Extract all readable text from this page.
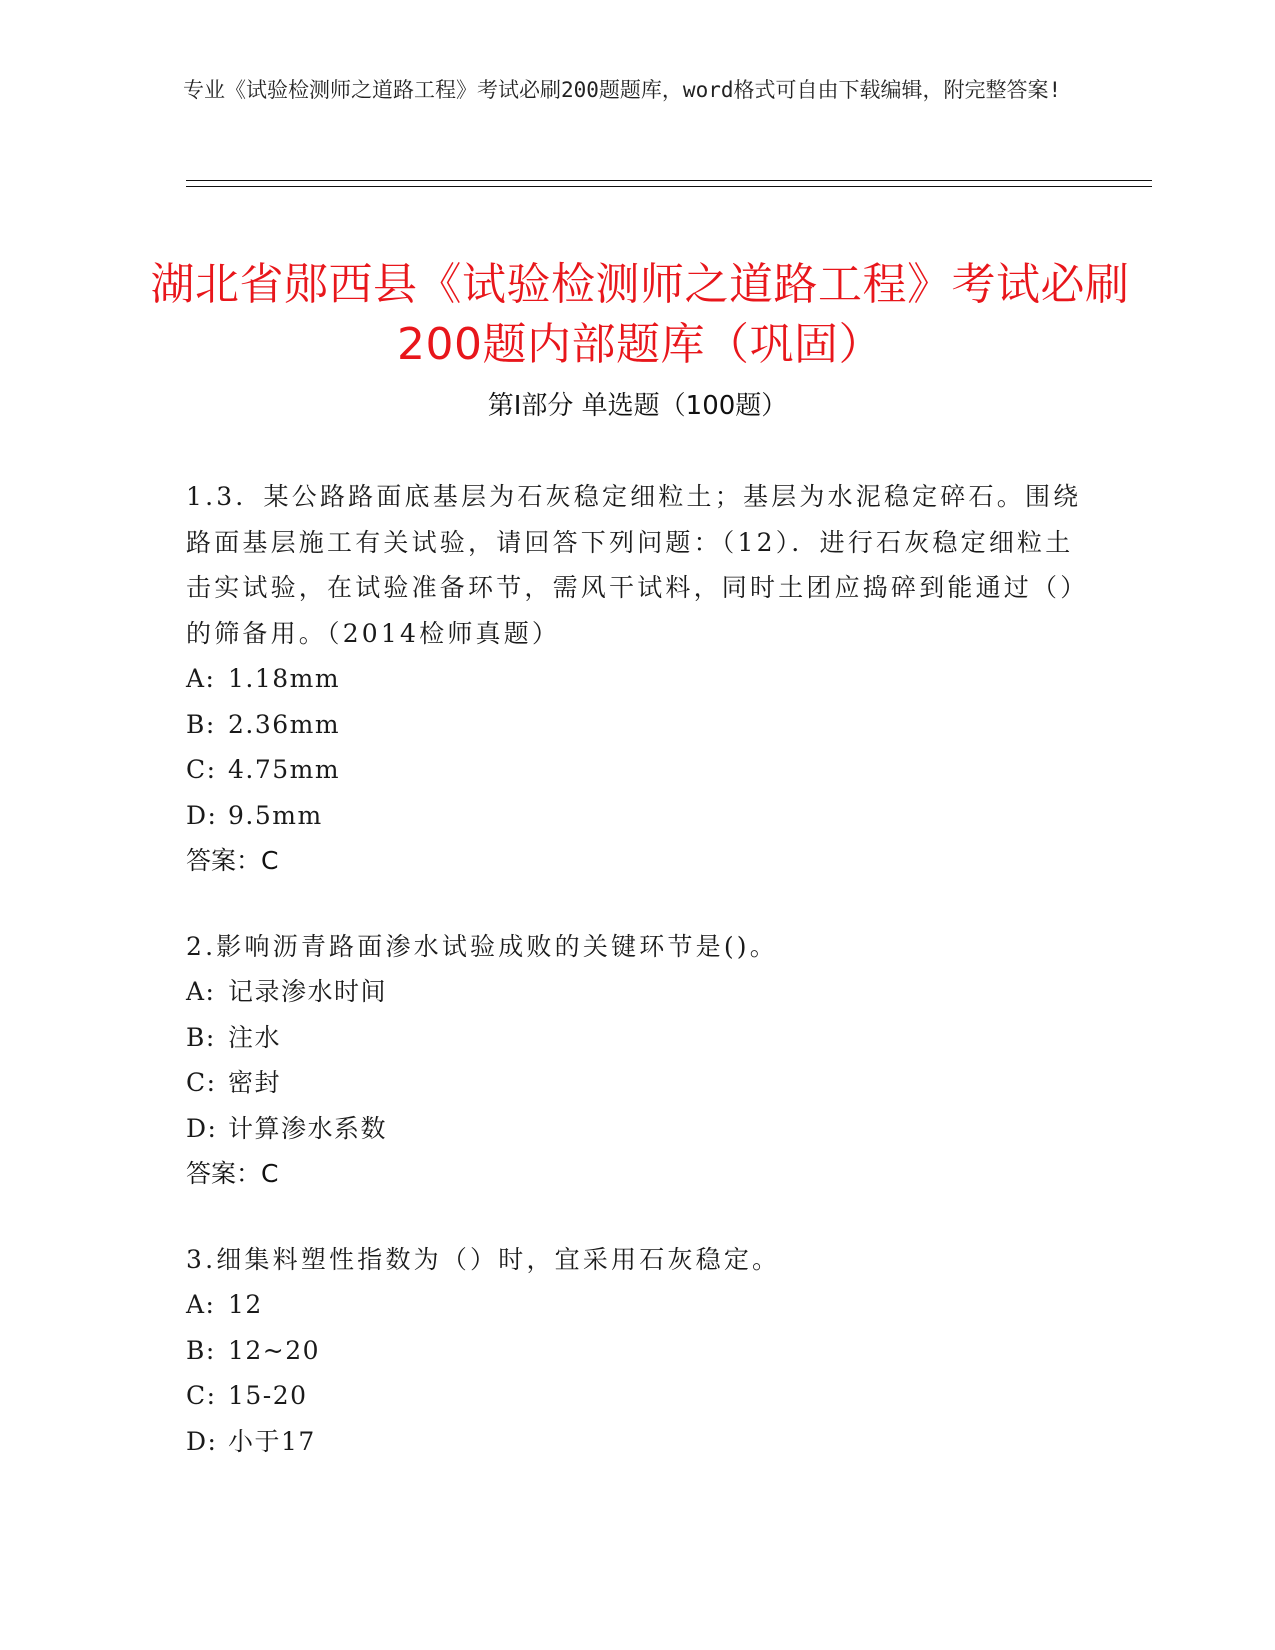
专业《试验检测师之道路工程》考试必刷200题题库，word格式可自由下载编辑，附完整答案!
湖北省郧西县《试验检测师之道路工程》考试必刷200题内部题库（巩固）
第Ⅰ部分 单选题（100题）

1.3．某公路路面底基层为石灰稳定细粒土；基层为水泥稳定碎石。围绕路面基层施工有关试验，请回答下列问题：（12）．进行石灰稳定细粒土击实试验，在试验准备环节，需风干试料，同时土团应捣碎到能通过（）的筛备用。（2014检师真题）

A: 1.18mm
B: 2.36mm
C: 4.75mm
D: 9.5mm
答案：C

2.影响沥青路面渗水试验成败的关键环节是()。

A: 记录渗水时间
B: 注水
C: 密封
D: 计算渗水系数
答案：C

3.细集料塑性指数为（）时，宜采用石灰稳定。

A: 12
B: 12~20
C: 15-20
D: 小于17
